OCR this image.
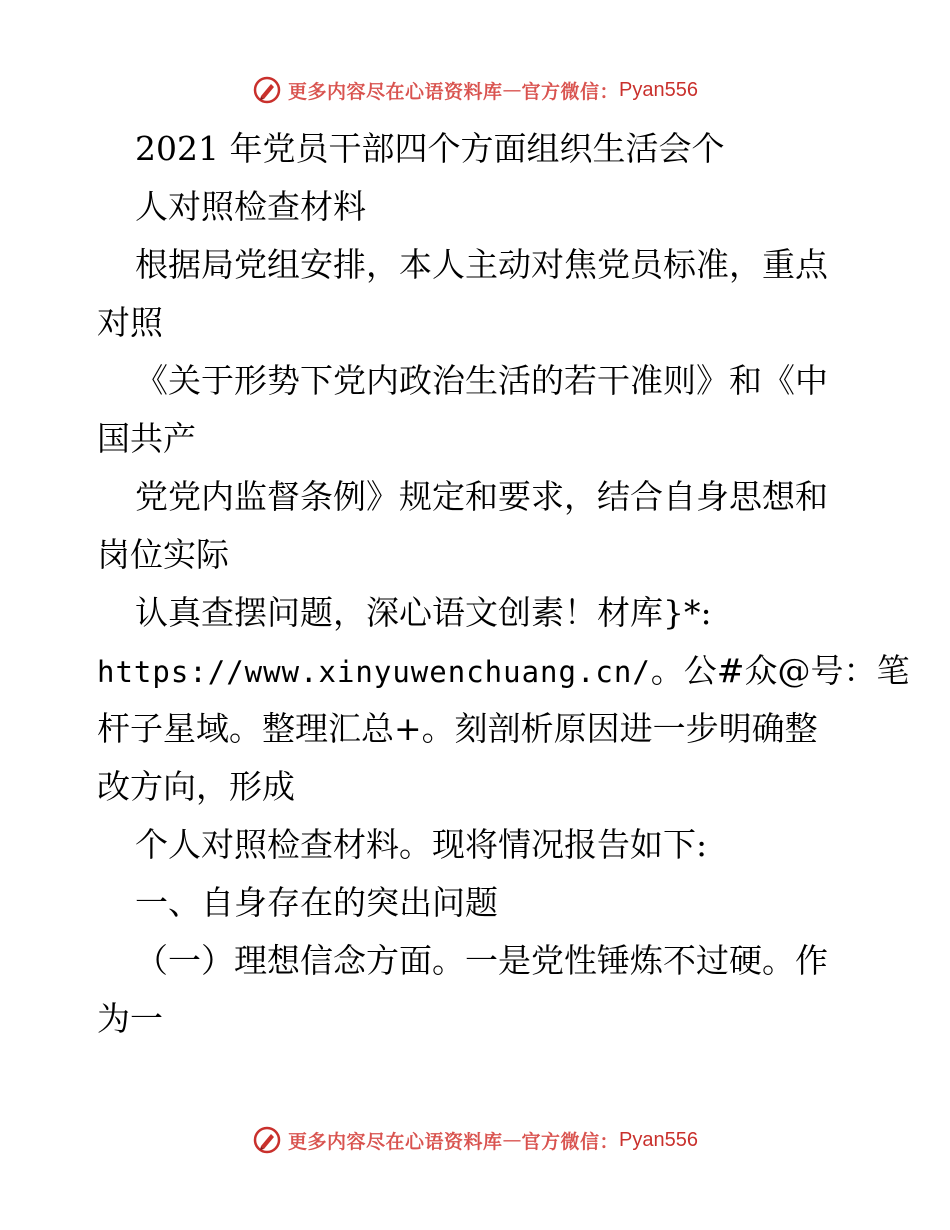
更多内容尽在心语资料库 — 官方微信： Pyan556
2021 年党员干部四个方面组织生活会个
人对照检查材料
根据局党组安排，本人主动对焦党员标准，重点
对照
《关于形势下党内政治生活的若干准则》和《中
国共产
党党内监督条例》规定和要求，结合自身思想和
岗位实际
认真查摆问题，深心语文创素！材库}*:
https://www.xinyuwenchuang.cn/。公#众@号：笔
杆子星域。整理汇总+。刻剖析原因进一步明确整
改方向，形成
个人对照检查材料。现将情况报告如下:
一、自身存在的突出问题
（一）理想信念方面。一是党性锤炼不过硬。作
为一
更多内容尽在心语资料库 — 官方微信： Pyan556
